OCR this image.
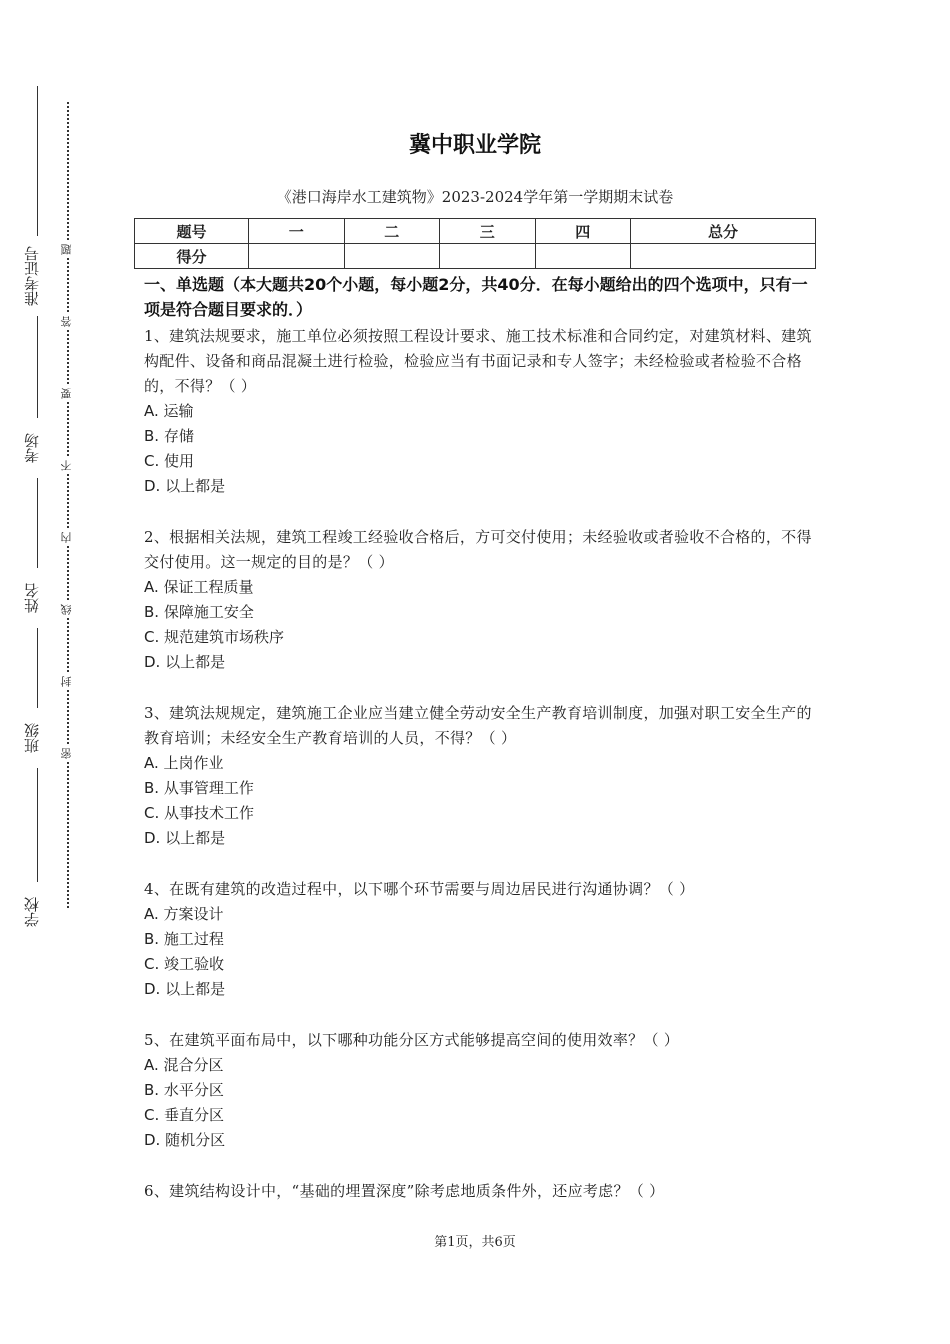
准考证号
考场
姓名
班级
学校
题
答
要
不
内
线
封
密
冀中职业学院
《港口海岸水工建筑物》2023-2024学年第一学期期末试卷
题号	一	二	三	四	总分
得分					
一、单选题（本大题共20个小题，每小题2分，共40分．在每小题给出的四个选项中，只有一项是符合题目要求的．）
1、建筑法规要求，施工单位必须按照工程设计要求、施工技术标准和合同约定，对建筑材料、建筑构配件、设备和商品混凝土进行检验，检验应当有书面记录和专人签字；未经检验或者检验不合格的，不得？（ ）
A. 运输
B. 存储
C. 使用
D. 以上都是
2、根据相关法规，建筑工程竣工经验收合格后，方可交付使用；未经验收或者验收不合格的，不得交付使用。这一规定的目的是？（ ）
A. 保证工程质量
B. 保障施工安全
C. 规范建筑市场秩序
D. 以上都是
3、建筑法规规定，建筑施工企业应当建立健全劳动安全生产教育培训制度，加强对职工安全生产的教育培训；未经安全生产教育培训的人员，不得？（ ）
A. 上岗作业
B. 从事管理工作
C. 从事技术工作
D. 以上都是
4、在既有建筑的改造过程中，以下哪个环节需要与周边居民进行沟通协调？（ ）
A. 方案设计
B. 施工过程
C. 竣工验收
D. 以上都是
5、在建筑平面布局中，以下哪种功能分区方式能够提高空间的使用效率？（ ）
A. 混合分区
B. 水平分区
C. 垂直分区
D. 随机分区
6、建筑结构设计中，“基础的埋置深度”除考虑地质条件外，还应考虑？（ ）
第1页，共6页
